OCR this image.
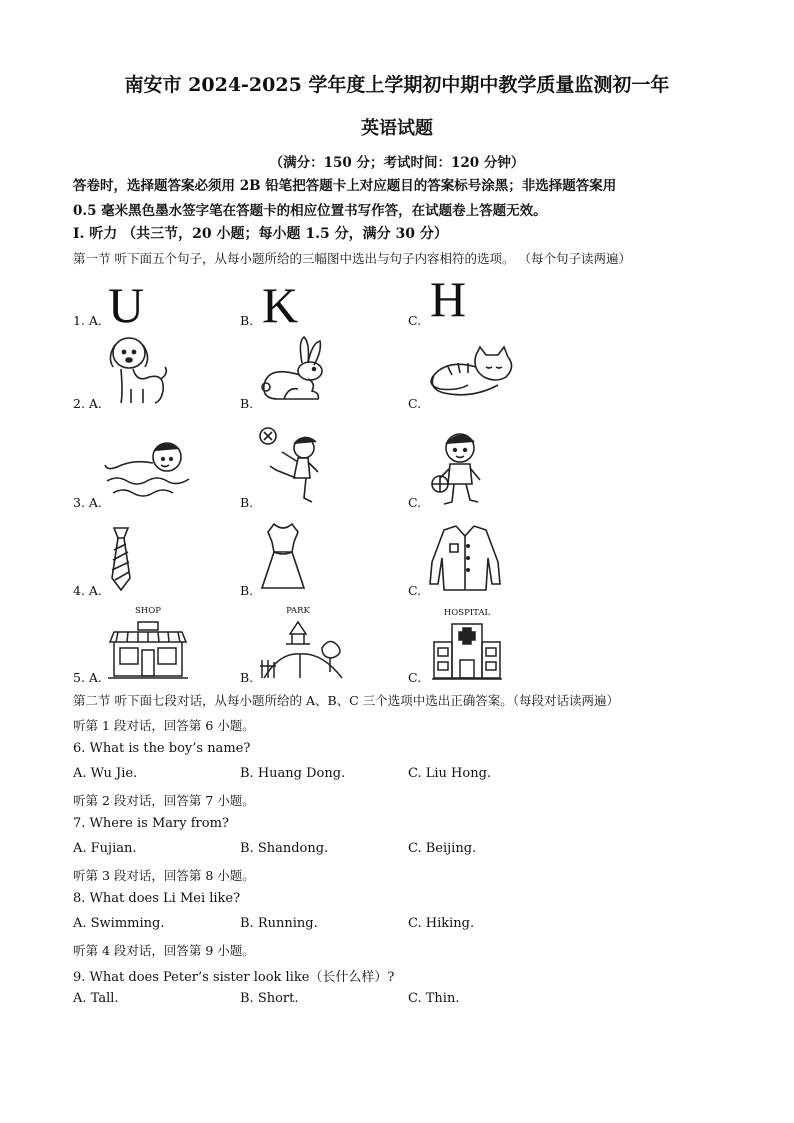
南安市 2024-2025 学年度上学期初中期中教学质量监测初一年
英语试题
（满分：150 分；考试时间：120 分钟）
答卷时，选择题答案必须用 2B 铅笔把答题卡上对应题目的答案标号涂黑；非选择题答案用
0.5 毫米黑色墨水签字笔在答题卡的相应位置书写作答，在试题卷上答题无效。
Ⅰ. 听力 （共三节，20 小题；每小题 1.5 分，满分 30 分）
第一节 听下面五个句子，从每小题所给的三幅图中选出与句子内容相符的选项。 （每个句子读两遍）
1. A. U	B. K	C. H
2. A.	B.	C.
3. A.	B.	C.
4. A.	B.	C.
5. A.
SHOP
B.
PARK
C.
HOSPITAL
第二节 听下面七段对话，从每小题所给的 A、B、C 三个选项中选出正确答案。（每段对话读两遍）
听第 1 段对话，回答第 6 小题。
6. What is the boy’s name?
A. Wu Jie.	B. Huang Dong.	C. Liu Hong.
听第 2 段对话，回答第 7 小题。
7. Where is Mary from?
A. Fujian.	B. Shandong.	C. Beijing.
听第 3 段对话，回答第 8 小题。
8. What does Li Mei like?
A. Swimming.	B. Running.	C. Hiking.
听第 4 段对话，回答第 9 小题。
9. What does Peter’s sister look like（长什么样）?
A. Tall.	B. Short.	C. Thin.
